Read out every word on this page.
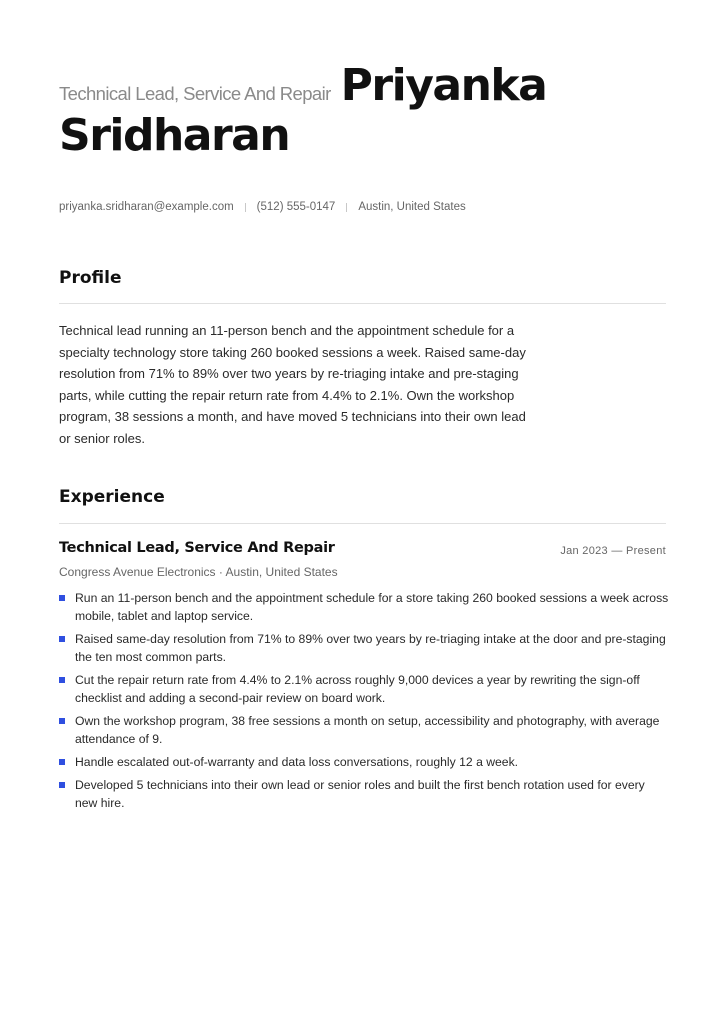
Technical Lead, Service And Repair Priyanka
Sridharan
priyanka.sridharan@example.com (512) 555-0147 Austin, United States
Profile

Technical lead running an 11-person bench and the appointment schedule for a specialty technology store taking 260 booked sessions a week. Raised same-day resolution from 71% to 89% over two years by re-triaging intake and pre-staging parts, while cutting the repair return rate from 4.4% to 2.1%. Own the workshop program, 38 sessions a month, and have moved 5 technicians into their own lead or senior roles.

Experience
Technical Lead, Service And Repair	Jan 2023 — Present
Congress Avenue Electronics · Austin, United States
Run an 11-person bench and the appointment schedule for a store taking 260 booked sessions a week across mobile, tablet and laptop service.
Raised same-day resolution from 71% to 89% over two years by re-triaging intake at the door and pre-staging the ten most common parts.
Cut the repair return rate from 4.4% to 2.1% across roughly 9,000 devices a year by rewriting the sign-off checklist and adding a second-pair review on board work.
Own the workshop program, 38 free sessions a month on setup, accessibility and photography, with average attendance of 9.
Handle escalated out-of-warranty and data loss conversations, roughly 12 a week.
Developed 5 technicians into their own lead or senior roles and built the first bench rotation used for every new hire.
